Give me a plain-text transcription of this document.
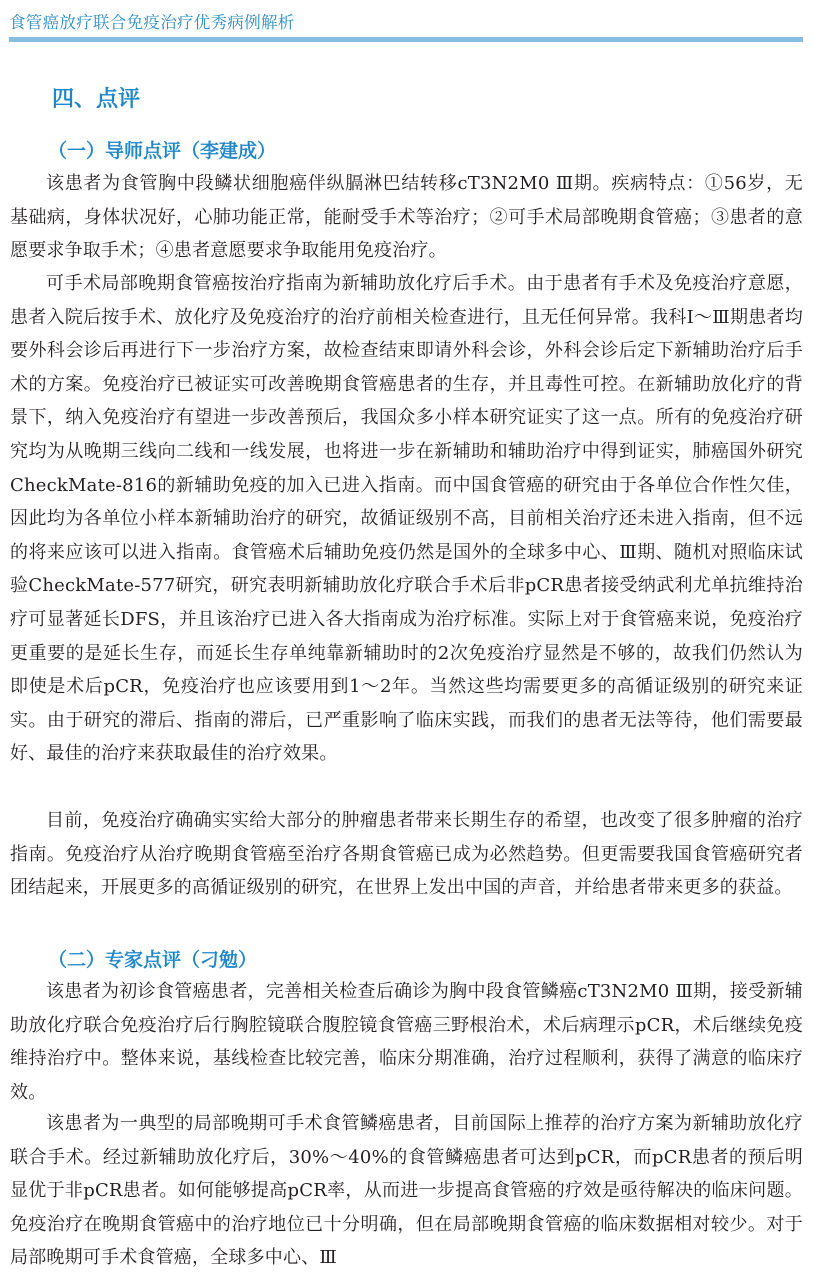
食管癌放疗联合免疫治疗优秀病例解析
四、点评
（一）导师点评（李建成）

该患者为食管胸中段鳞状细胞癌伴纵膈淋巴结转移cT3N2M0 Ⅲ期。疾病特点：①56岁，无基础病，身体状况好，心肺功能正常，能耐受手术等治疗；②可手术局部晚期食管癌；③患者的意愿要求争取手术；④患者意愿要求争取能用免疫治疗。

可手术局部晚期食管癌按治疗指南为新辅助放化疗后手术。由于患者有手术及免疫治疗意愿，患者入院后按手术、放化疗及免疫治疗的治疗前相关检查进行，且无任何异常。我科Ⅰ～Ⅲ期患者均要外科会诊后再进行下一步治疗方案，故检查结束即请外科会诊，外科会诊后定下新辅助治疗后手术的方案。免疫治疗已被证实可改善晚期食管癌患者的生存，并且毒性可控。在新辅助放化疗的背景下，纳入免疫治疗有望进一步改善预后，我国众多小样本研究证实了这一点。所有的免疫治疗研究均为从晚期三线向二线和一线发展，也将进一步在新辅助和辅助治疗中得到证实，肺癌国外研究CheckMate-816的新辅助免疫的加入已进入指南。而中国食管癌的研究由于各单位合作性欠佳，因此均为各单位小样本新辅助治疗的研究，故循证级别不高，目前相关治疗还未进入指南，但不远的将来应该可以进入指南。食管癌术后辅助免疫仍然是国外的全球多中心、Ⅲ期、随机对照临床试验CheckMate-577研究，研究表明新辅助放化疗联合手术后非pCR患者接受纳武利尤单抗维持治疗可显著延长DFS，并且该治疗已进入各大指南成为治疗标准。实际上对于食管癌来说，免疫治疗更重要的是延长生存，而延长生存单纯靠新辅助时的2次免疫治疗显然是不够的，故我们仍然认为即使是术后pCR，免疫治疗也应该要用到1～2年。当然这些均需要更多的高循证级别的研究来证实。由于研究的滞后、指南的滞后，已严重影响了临床实践，而我们的患者无法等待，他们需要最好、最佳的治疗来获取最佳的治疗效果。

目前，免疫治疗确确实实给大部分的肿瘤患者带来长期生存的希望，也改变了很多肿瘤的治疗指南。免疫治疗从治疗晚期食管癌至治疗各期食管癌已成为必然趋势。但更需要我国食管癌研究者团结起来，开展更多的高循证级别的研究，在世界上发出中国的声音，并给患者带来更多的获益。

（二）专家点评（刁勉）

该患者为初诊食管癌患者，完善相关检查后确诊为胸中段食管鳞癌cT3N2M0 Ⅲ期，接受新辅助放化疗联合免疫治疗后行胸腔镜联合腹腔镜食管癌三野根治术，术后病理示pCR，术后继续免疫维持治疗中。整体来说，基线检查比较完善，临床分期准确，治疗过程顺利，获得了满意的临床疗效。

该患者为一典型的局部晚期可手术食管鳞癌患者，目前国际上推荐的治疗方案为新辅助放化疗联合手术。经过新辅助放化疗后，30%～40%的食管鳞癌患者可达到pCR，而pCR患者的预后明显优于非pCR患者。如何能够提高pCR率，从而进一步提高食管癌的疗效是亟待解决的临床问题。免疫治疗在晚期食管癌中的治疗地位已十分明确，但在局部晚期食管癌的临床数据相对较少。对于局部晚期可手术食管癌，全球多中心、Ⅲ
